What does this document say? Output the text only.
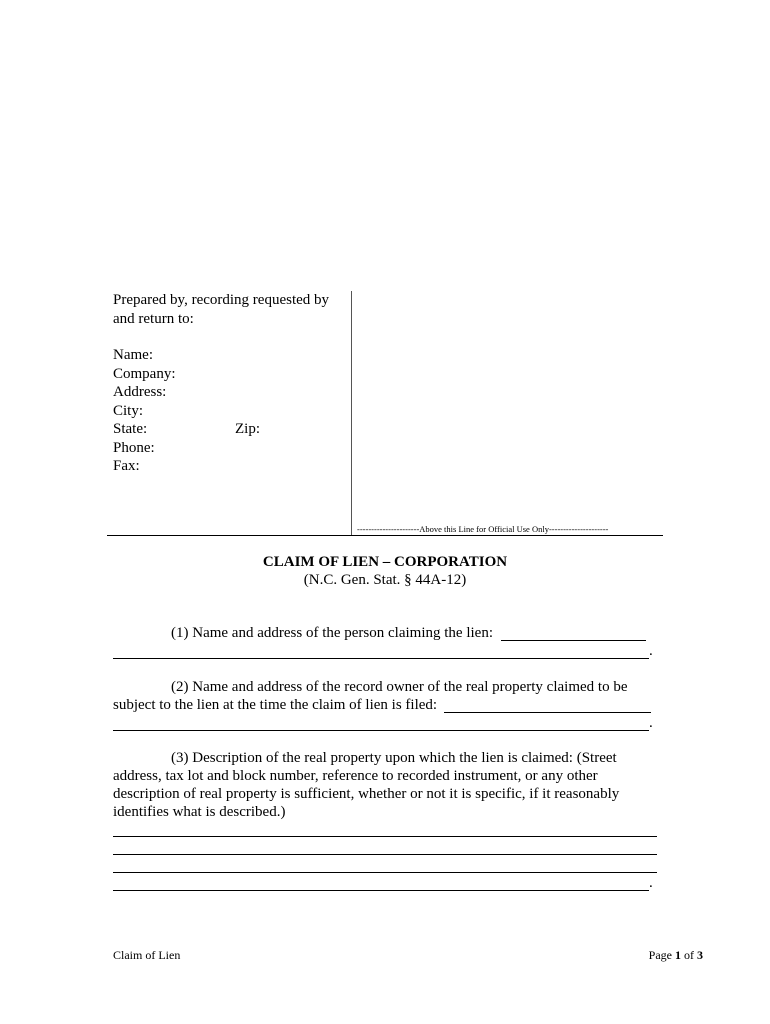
Prepared by, recording requested by
and return to:
Name:
Company:
Address:
City:
State:	Zip:
Phone:
Fax:
----------------------Above this Line for Official Use Only---------------------
CLAIM OF LIEN – CORPORATION
(N.C. Gen. Stat. § 44A-12)
(1) Name and address of the person claiming the lien:
.
(2) Name and address of the record owner of the real property claimed to be
subject to the lien at the time the claim of lien is filed:
.
(3) Description of the real property upon which the lien is claimed: (Street
address, tax lot and block number, reference to recorded instrument, or any other
description of real property is sufficient, whether or not it is specific, if it reasonably
identifies what is described.)
.
Claim of Lien	Page 1 of 3
